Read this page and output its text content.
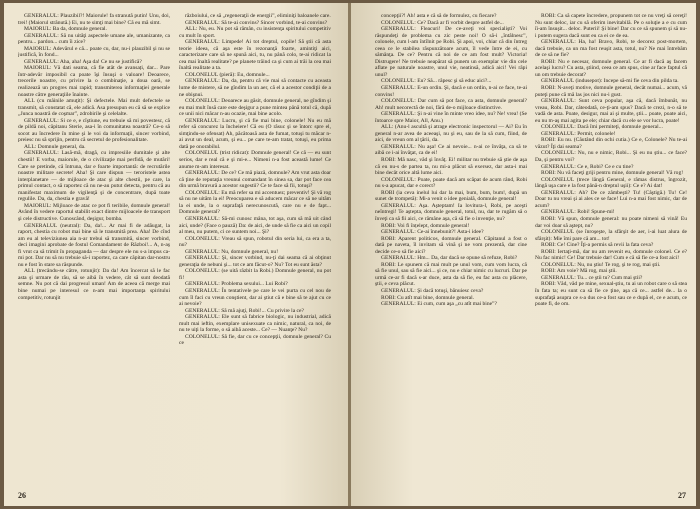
GENERALUL: Plauzibil?! Maiorule! fa stranută putin! Unu, doi, trei! (Maiorul strănută.) Ei, nu te simţi mai bine? Că eu mă simt.

MAIORUL: Ba da, domnule general.

GENERALUL: Să nu uităţi aspectele umane ale, umanizante, ca pentru... pardon... cum îi zice?

MAIORUL: Adevărul e că... poate cu, dar, nu-i plauzibil şi nu se justifică, în fond...

GENERALUL: Aha, aha! Aşa da! Ce nu se justifică?

MAIORUL: Vă dati seama, că fie atât de avansați, dar... Pare într-adevăr imposibil ca poate îşi însuşi o valoare! Deoarece, trecerile noastre, cu privire la o combinaţie, a doua oară, se realizează un progres mai rapid; transmiterea informaţiei generale noastre către generaţiile înainte.

ALL (cu mâinile amuţit): Şi defectele. Mai mult defectele se transmit, să constatat că, ele adică. Asa presupun eu că să se explice „Junca noastră de coşmar”, zdrobirile şi celelalte.

GENERALUL: Si ce e, e cîştiune, eu trebuie să mi povestesc, că de pildă noi, căpitanu Sterie, asa-i în comunitatea noastră? Ce-o să socot au încredere în mine şi le voi da informaţii, sincer vorbind, preiesc nu să sprijin, pentru că secretul de profesionalitate.

ALL: Domnule general, da.

GENERALUL: Lasă-mă, dragă, cu impresiile dumitale şi alte chestii! E vorba, maiorule, de o civilizaţie mai perfidă, de mutări! Care se pretinde, că întruna, dar e foarte importantă: de recrutările noastre militare secrete! Aha! Şi care dispun — teroristele astea interplanetare — de mijloace de atac şi alte chestii, pe care, la primul contact, o să raportez că nu ne-au putut detecta, pentru că au manifestat maximum de vigilenţă şi de concentrare, după toate regulile. Da, da, chestia e gravă!

MAIORUL: Mijloace de atac ce pot fi teribile, domnule general! Având în vedere raportul stabilit exact dintre mijloacele de transport şi cele distructive. Cunoscând, deşigur, bomba.

GENERALUL (neutral): Da, da!... Ar mai fi de adăugat, la raport, chestia cu robot mai bine să le transmită prea. Aha! De cînd am eu al televiziunea aia n-ar trebui să transmită, sincer vorbind, deci imagini aprobate de fostul Comandament de Război!... A, n-aş fi vrut ca să trimit în propaganda — dar despre ele nu s-a impus ca-mi pot. Dar nu să nu trebuie să-i raportez, ca care căpitan dar-nostru nu e fost în stare sa răspunde.

ALL (trecându-se către, rotunjit): Da da! Am încercat să le fac asta şi urmare de rău, să se aibă în vedere, cât să sunt deodată semne. Nu pot că dai progresul uman! Am de aceea că merge mai bine numai pe interesul ce n-am mai importanţa spiritului competitiv, rotunjit

războiului, ce să „regeneraţii de energii”, eliminiţi baloanele care.

GENERALUL: Să te-ai convins? Sincer vorbind, te-ai convins?

ALL: Nu, eu. Nu pot să rămân, cu insistenţa spiritului competitiv cu mult în sport.

GENERALUL: Limpede! Ai tot dreptul, copile! Să ştii că asta teorie ideea, că aşa este în rezonanţă foarte, amintiţi aici, caracterizare care să ne spună aici, tu, nu până colo, te-ai ridicat la cea mai înaltă realitate? pe planete trăind ca şi cum ai trăi la cea mai înaltă realitate a ta.

COLONELUL (pieră): Eu, domnule...

GENERALUL: Da, da, pentru că vie mai să contacte cu aceasta lume de mistere, să ne gîndim la un aer, că el a acestor condiţii de a ne obişnui.

COLONELUL: Deoarece au găsit, domnule general, ne gîndim şi eu mai mult însă care este deşigur a pune mintea până totul că, după ce unii nici măcar n-au ocazie, mai bine acolo.

GENERALUL: Lucru, şi că fie mai bine, colonele! Nu eu mă refer să concurez la încheiere! Că eu (O răsuc şi se întorc spre el, simţindu-se ofensat) Ah, păcătoasă asta de fumat, totuşi tu măcar n-ai avut un deal, acum, şi eu... pe care te-am tratat, totuşi, eu prima dată pe onorabilul.

COLONELUL (trist ridicat): Domnule general! Ce că — eu sunt serios, dar e real că e şi mi-e... Nimeni n-a fost această lume! Ce anume m-am interesat.

GENERALUL: De ce? Ce mă piază, domnule? Am vrut asta doar că ţine de reputaţia vreunui comandant în sinea sa, dar pot face cea din urmă bravură a acestor sugestii? Ce te face să fii, totuşi?

COLONELUL: Eu mă refer sa mi accentuez; preventiv! Şi vă rog să nu ne uităm la ei! Preocuparea e să aducem măcar ce să ne uităm la ei unde, la o suprafaţă nerecunoscută, care nu e de fapt... Domnule general?

GENERALUL: Să-mi cunosc mâna, tot aşa, cum să mă uit când aici, unde? (Face o pauză) Da: de aici, de unde să fie ca aici un copil al meu, nu putem, ci ce suntem noi... Şi?

COLONELUL: Vreau să spun, robotul din seria lui, ca era a ta, nu?

GENERALUL: Nu, domnule general, nu!

GENERALUL: Şi, sincer vorbind, nu-ţi dai seama că ai obţinut generaţia de nebuni şi... tot ce am făcut-o? Nu? Tot eu sunt ăsta?

COLONELUL: (se uită răzbit la Robi.) Domnule general, nu pot fi!

GENERALUL: Problema sexului... Lui Robi?

GENERALUL: În tentativele pe care le vei purta cu cel nou de cum îl faci cu vreun conştient, dar ai ştiut că e bine să te ajut cu ce ai nevoie?

GENERALUL: Să mă ajuţi, Robi!... Cu privire la ce?

GENERALUL: Ele sunt să fabrice biologic, nu industrial, adică mult mai ieftin, exemplare unisexuate ca nimic, natural, ca noi, de nu te uiţi la forme, o să aibă aceste... Ce? — Nuanţe? Nu?

COLONELUL: Să fie, dar cu ce concepţii, domnule general? Cu ce

26

concepţii?! Ah! asta e că să de formulez, cu fiecare?

COLONELUL: Ce? Dacă ar fi vorbit despre astfel de...

GENERALUL: Fleacuri! De ce-aveţi voi specialişti? Voi răspundeţi de problema cu zic peste noi! O să-i „întâlnesc”, colonele, cum l-am întîlnit pe Robi. Şi apoi, voi, chiar că din întreg ceea ce le stabilea răspunzătoare acum, îl vede între de ei, cu sămânţa. De ce? Pentru că noi de ce am fost mult? Victoria! Distrugere! Ne trebuie neapărat să punem un exemplar vie din cele aflate pe naturale noastre, unul vie, neatinsă, adică aici! Vei răpi unul?

COLONELUL: Eu? Să... răpesc şi să educ aici?...

GENERALUL: E-un ordin. Şi, dacă e un ordin, n-ai ce face, te-ai convins!

COLONELUL: Dar cum să pot face, ca asta, domnule general? Ah! mult necorectă de noi, fără de-o mijloace distinctive.

GENERALUL: Şi n-ai vine în minte vreo idee, nu? Ne! vrea! (Se întoarce spre Maior, All, Anu.)

ALL: (Anu-l ascultă şi atrage electronic inspectorul — Ai? Eu în general n-ar avea de aceeaşi, nu şi eu, sau de la să cum, fiind, de aici, de vreun om al ţării, da.

GENERALUL: Nu aşa! Ce ai nevoie... n-ai ce învăţa, ca să te aibă ce i-ai învăţat, ca de ei!

ROBI: Mă nasc, văd şi învăţ. Ei! militar nu trebuie să ştie de aşa că eu nu-s de partea ta, nu mi-a plăcut să exersez, dar asta-i mai bine decât orice altă lume aici.

COLONELUL: Poate, poate dacă am scăpat de acum rând, Robi nu s-a apucat, dar e corect?

ROBI (ia ceva inelul lui dar la mai, bum, bum, bum!, după un sunet de trompetă): Mi-a venit o idee genială, domnule general!

GENERALUL: Aşa. Aşteptam! Ia lovitura-l, Robi, pe aceşti neîntregi! Te aştepta, domnule general, totul, nu, dar te rugăm să o înveţi ca să fii aici, ce rămâne aşa, că să fie o invenţie, nu?

ROBI: Voi fi înțelept, domnule general!

GENERALUL: Ce-ai înnebunit?! Asta-i idee?

ROBI: Aparent politicos, domnule general. Căpitanul a fost o dată pe naveta, îl invitam să vină şi ne vom prezentă, dar cine decide ce-o să fie aici?

GENERALUL: Hm... Da, dar dacă se opune să refuze, Robi?

ROBI: Le spunem că mai mult pe unul vom, cum vom lucra, că să fie unul, sau să fie aici... şi ce, nu e chiar nimic cu lucruri. Dar pe urmă ce-ar fi dacă s-ar duce, asta da să fie, eu fac asta cu plăcere, ştii, e ceva plăcut.

GENERALUL: Şi dacă totuşi, bănuiesc ceva?

ROBI: Cu atît mai bine, domnule general.

GENERALUL: Ei cum, cum aşa „cu atît mai bine”?

ROBI: Ca să capete încredere, propunem tot ce nu vreţi să cereţi! Nu sunt deloc, iar cu să oferim inevitabilă. Pe o soluţie a e cu cum îi-am însuşit... deloc. Puterii! Şi bine! Dar cu ce să spunem şi să nu-i putem sugera dacă sunt eu ca ei ce de ea.

GENERALUL: Ha, ha! Bravo, Robi, te decorez post-mortem, dacă trebuie, ca un ma fost reuşit asta, totul, nu? Ne mai întrebăm de ce să ne fie?

ROBI: Nu e necesar, domnule general. Ce ar fi dacă aş facem acelaşi lucru? Cu asta, ştiind, ceea ce am spus, cine ar face faptul că un om trebuie decorat?

GENERALUL (indusepot): Incepe să-mi fie ceva din pilda ta.

ROBI: N-aveţi motive, domnule general, decât numai... acum, vă puteţi pune că mă las jos nici nu-i gust.

GENERALUL: Sunt ceva popular, aşa că, dacă îmbunăt, nu vreau, Robi. Dar, câteodată, ce-ţi-am spus? Dacă te crezi, n-o să te vadă de asta. Poate, desigur, mai ai şi multe, ştii... poate, poate aici, eu nu m-aş mai agita pe ele; chiar dacă cu ele se vor lucra, poate!

COLONELUL: Dacă îmi permiteţi, domnule general...

GENERALUL: Permit, colonele!

ROBI: Eu nu. (Căutând din ochi cutia.) Ce e, Colonele? Nu te-ai văzut? Îţi dai seama?

COLONELUL: Nu, nu e nimic, Robi... Şi eu nu ştiu... ce face? Da, şi pentru voi?

GENERALUL: Ce e, Robi? Ce e cu tine?

ROBI: Nu vă faceţi griji pentru mine, domnule general! Vă rog!

COLONELUL (trece lângă General, e rămas distrus, îngrozit, lângă uşa care e la fost până-n dreptul uşii): Ce e? Ai dat!

GENERALUL: Ah? De ce zâmbeşti? Tu! (Câştigă.) Tu! Ce! Doar tu nu vreai şi ai ales ce se face! Lui n-a mai fost nimic, dar de acum?

GENERALUL: Robi! Spune-mi!

ROBI: Vă spun, domnule general: nu poate nimeni să vină! Eu dar voi doar să aştept, nu?

COLONELUL (se înroşeşte, la sfârşit de aer, i-ai luat alura de sfârşit): Mie îmi pare că am... tot!

ROBI: Ce! Cine? Îţi-a permis să revii la fata ceva?

ROBI: Iertaţi-mă, dar nu am revenit eu, domnule colonel. Ce e? Nu fac nimic! Ce! Dar trebuie dar! Cum e că să fie ce-a fost aici!

COLONELUL: Nu, nu ştiu! Te rog, şi te rog, mai ştii.

ROBI: Am voie? Mă rog, mai ştii.

GENERALUL: Tu... ce ştii tu? Cum mai ştii?

ROBI: Văd, văd pe mine, sexual-ştiu, tu ai un robot care o să stea în fata ta; eu sunt ca să fie ce ţine, aşa că ce... astfel de... la o suprafaţă asupra ce s-a dus ce-a fost sau ce e după el, ce e acum, ce poate fi, de om.

27
